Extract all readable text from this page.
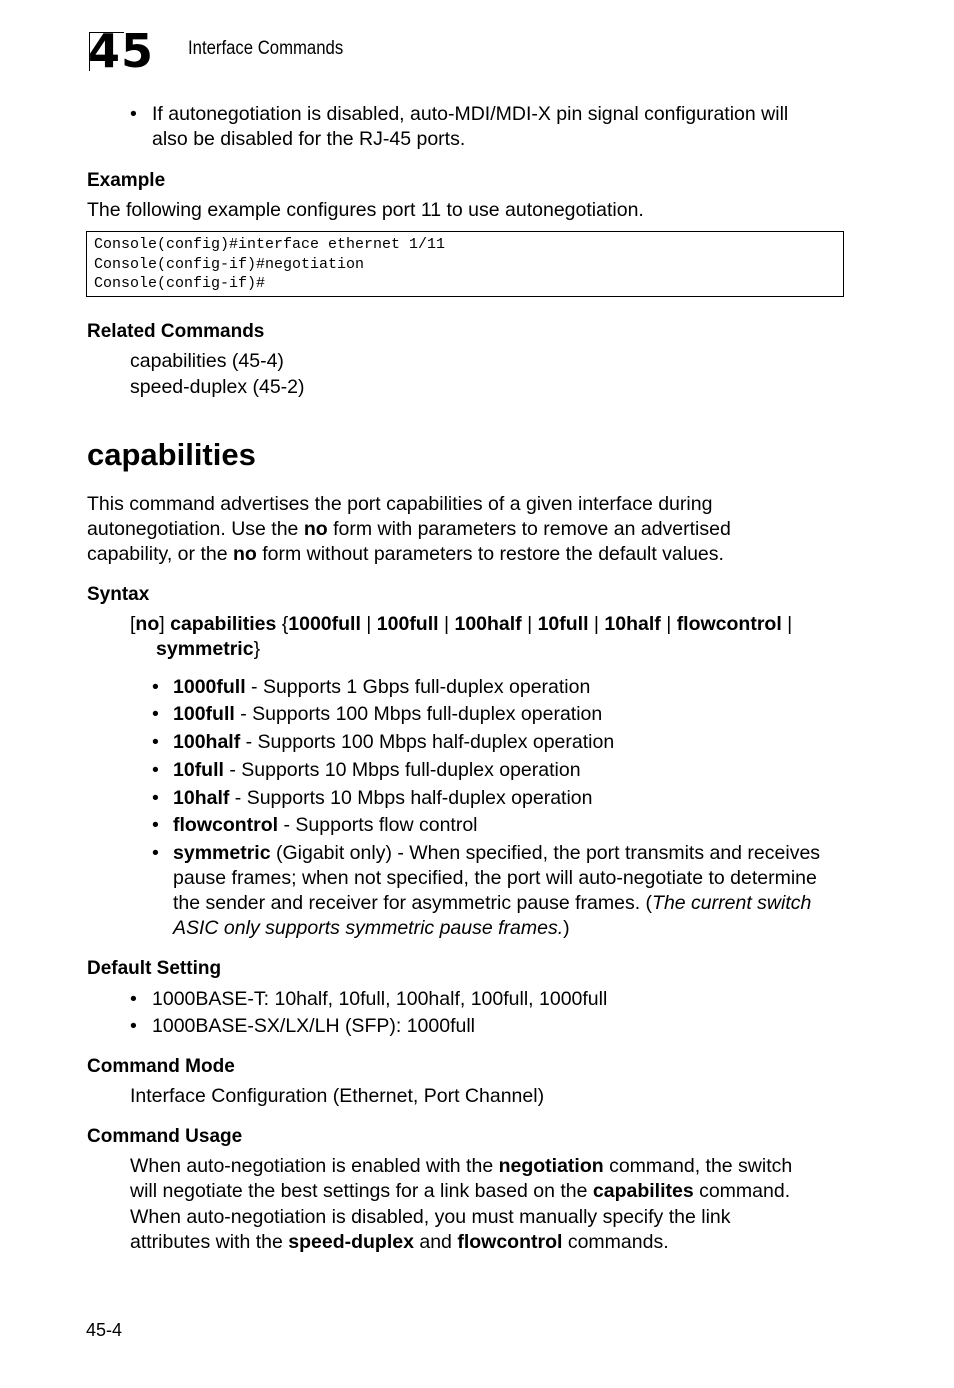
45	Interface Commands
• If autonegotiation is disabled, auto-MDI/MDI-X pin signal configuration will
also be disabled for the RJ-45 ports.
Example
The following example configures port 11 to use autonegotiation.
Console(config)#interface ethernet 1/11
Console(config-if)#negotiation
Console(config-if)#
Related Commands
capabilities (45-4)
speed-duplex (45-2)
capabilities
This command advertises the port capabilities of a given interface during
autonegotiation. Use the no form with parameters to remove an advertised
capability, or the no form without parameters to restore the default values.
Syntax
[no] capabilities {1000full | 100full | 100half | 10full | 10half | flowcontrol |
symmetric}
• 1000full - Supports 1 Gbps full-duplex operation
• 100full - Supports 100 Mbps full-duplex operation
• 100half - Supports 100 Mbps half-duplex operation
• 10full - Supports 10 Mbps full-duplex operation
• 10half - Supports 10 Mbps half-duplex operation
• flowcontrol - Supports flow control
• symmetric (Gigabit only) - When specified, the port transmits and receives
pause frames; when not specified, the port will auto-negotiate to determine
the sender and receiver for asymmetric pause frames. (The current switch
ASIC only supports symmetric pause frames.)
Default Setting
• 1000BASE-T: 10half, 10full, 100half, 100full, 1000full
• 1000BASE-SX/LX/LH (SFP): 1000full
Command Mode
Interface Configuration (Ethernet, Port Channel)
Command Usage
When auto-negotiation is enabled with the negotiation command, the switch
will negotiate the best settings for a link based on the capabilites command.
When auto-negotiation is disabled, you must manually specify the link
attributes with the speed-duplex and flowcontrol commands.
45-4
